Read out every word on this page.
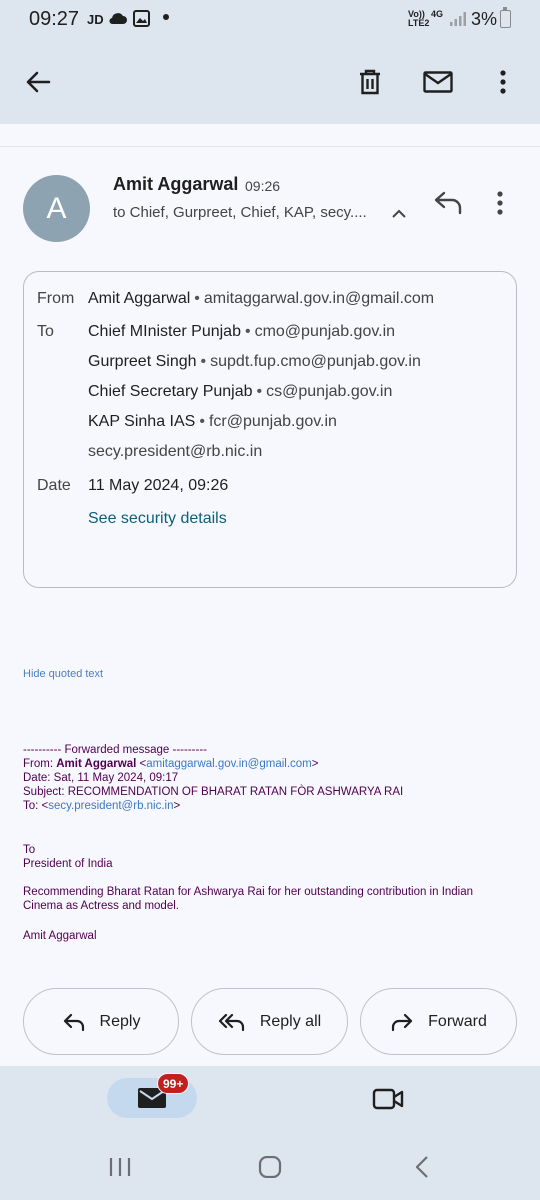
09:27 JD	Vo)) LTE2
4G 3%
A
Amit Aggarwal 09:26
to Chief, Gurpreet, Chief, KAP, secy....
From Amit Aggarwal • amitaggarwal.gov.in@gmail.com
To Chief MInister Punjab • cmo@punjab.gov.in
Gurpreet Singh • supdt.fup.cmo@punjab.gov.in
Chief Secretary Punjab • cs@punjab.gov.in
KAP Sinha IAS • fcr@punjab.gov.in
secy.president@rb.nic.in
Date 11 May 2024, 09:26
See security details
Hide quoted text
---------- Forwarded message ---------
From: Amit Aggarwal <amitaggarwal.gov.in@gmail.com>
Date: Sat, 11 May 2024, 09:17
Subject: RECOMMENDATION OF BHARAT RATAN FÒR ASHWARYA RAI
To: <secy.president@rb.nic.in>
To
President of India
Recommending Bharat Ratan for Ashwarya Rai for her outstanding contribution in Indian Cinema as Actress and model.
Amit Aggarwal
Reply	Reply all	Forward
99+
